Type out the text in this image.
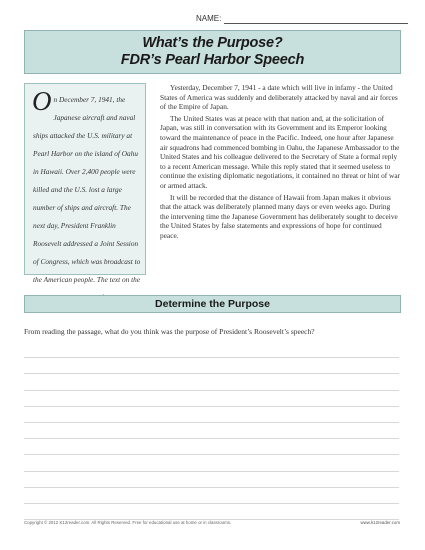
NAME:
What’s the Purpose?
FDR’s Pearl Harbor Speech
O n December 7, 1941, the Japanese aircraft and naval ships attacked the U.S. military at Pearl Harbor on the island of Oahu in Hawaii. Over 2,400 people were killed and the U.S. lost a large number of ships and aircraft. The next day, President Franklin Roosevelt addressed a Joint Session of Congress, which was broadcast to the American people. The text on the

Yesterday, December 7, 1941 - a date which will live in infamy - the United States of America was suddenly and deliberately attacked by naval and air forces of the Empire of Japan.

The United States was at peace with that nation and, at the solicitation of Japan, was still in conversation with its Government and its Emperor looking toward the maintenance of peace in the Pacific. Indeed, one hour after Japanese air squadrons had commenced bombing in Oahu, the Japanese Ambassador to the United States and his colleague delivered to the Secretary of State a formal reply to a recent American message. While this reply stated that it seemed useless to continue the existing diplomatic negotiations, it contained no threat or hint of war or armed attack.

It will be recorded that the distance of Hawaii from Japan makes it obvious that the attack was deliberately planned many days or even weeks ago. During the intervening time the Japanese Government has deliberately sought to deceive the United States by false statements and expressions of hope for continued peace.

Determine the Purpose
From reading the passage, what do you think was the purpose of President’s Roosevelt’s speech?
Copyright © 2012 K12reader.com. All Rights Reserved. Free for educational use at home or in classrooms.	www.k12reader.com
